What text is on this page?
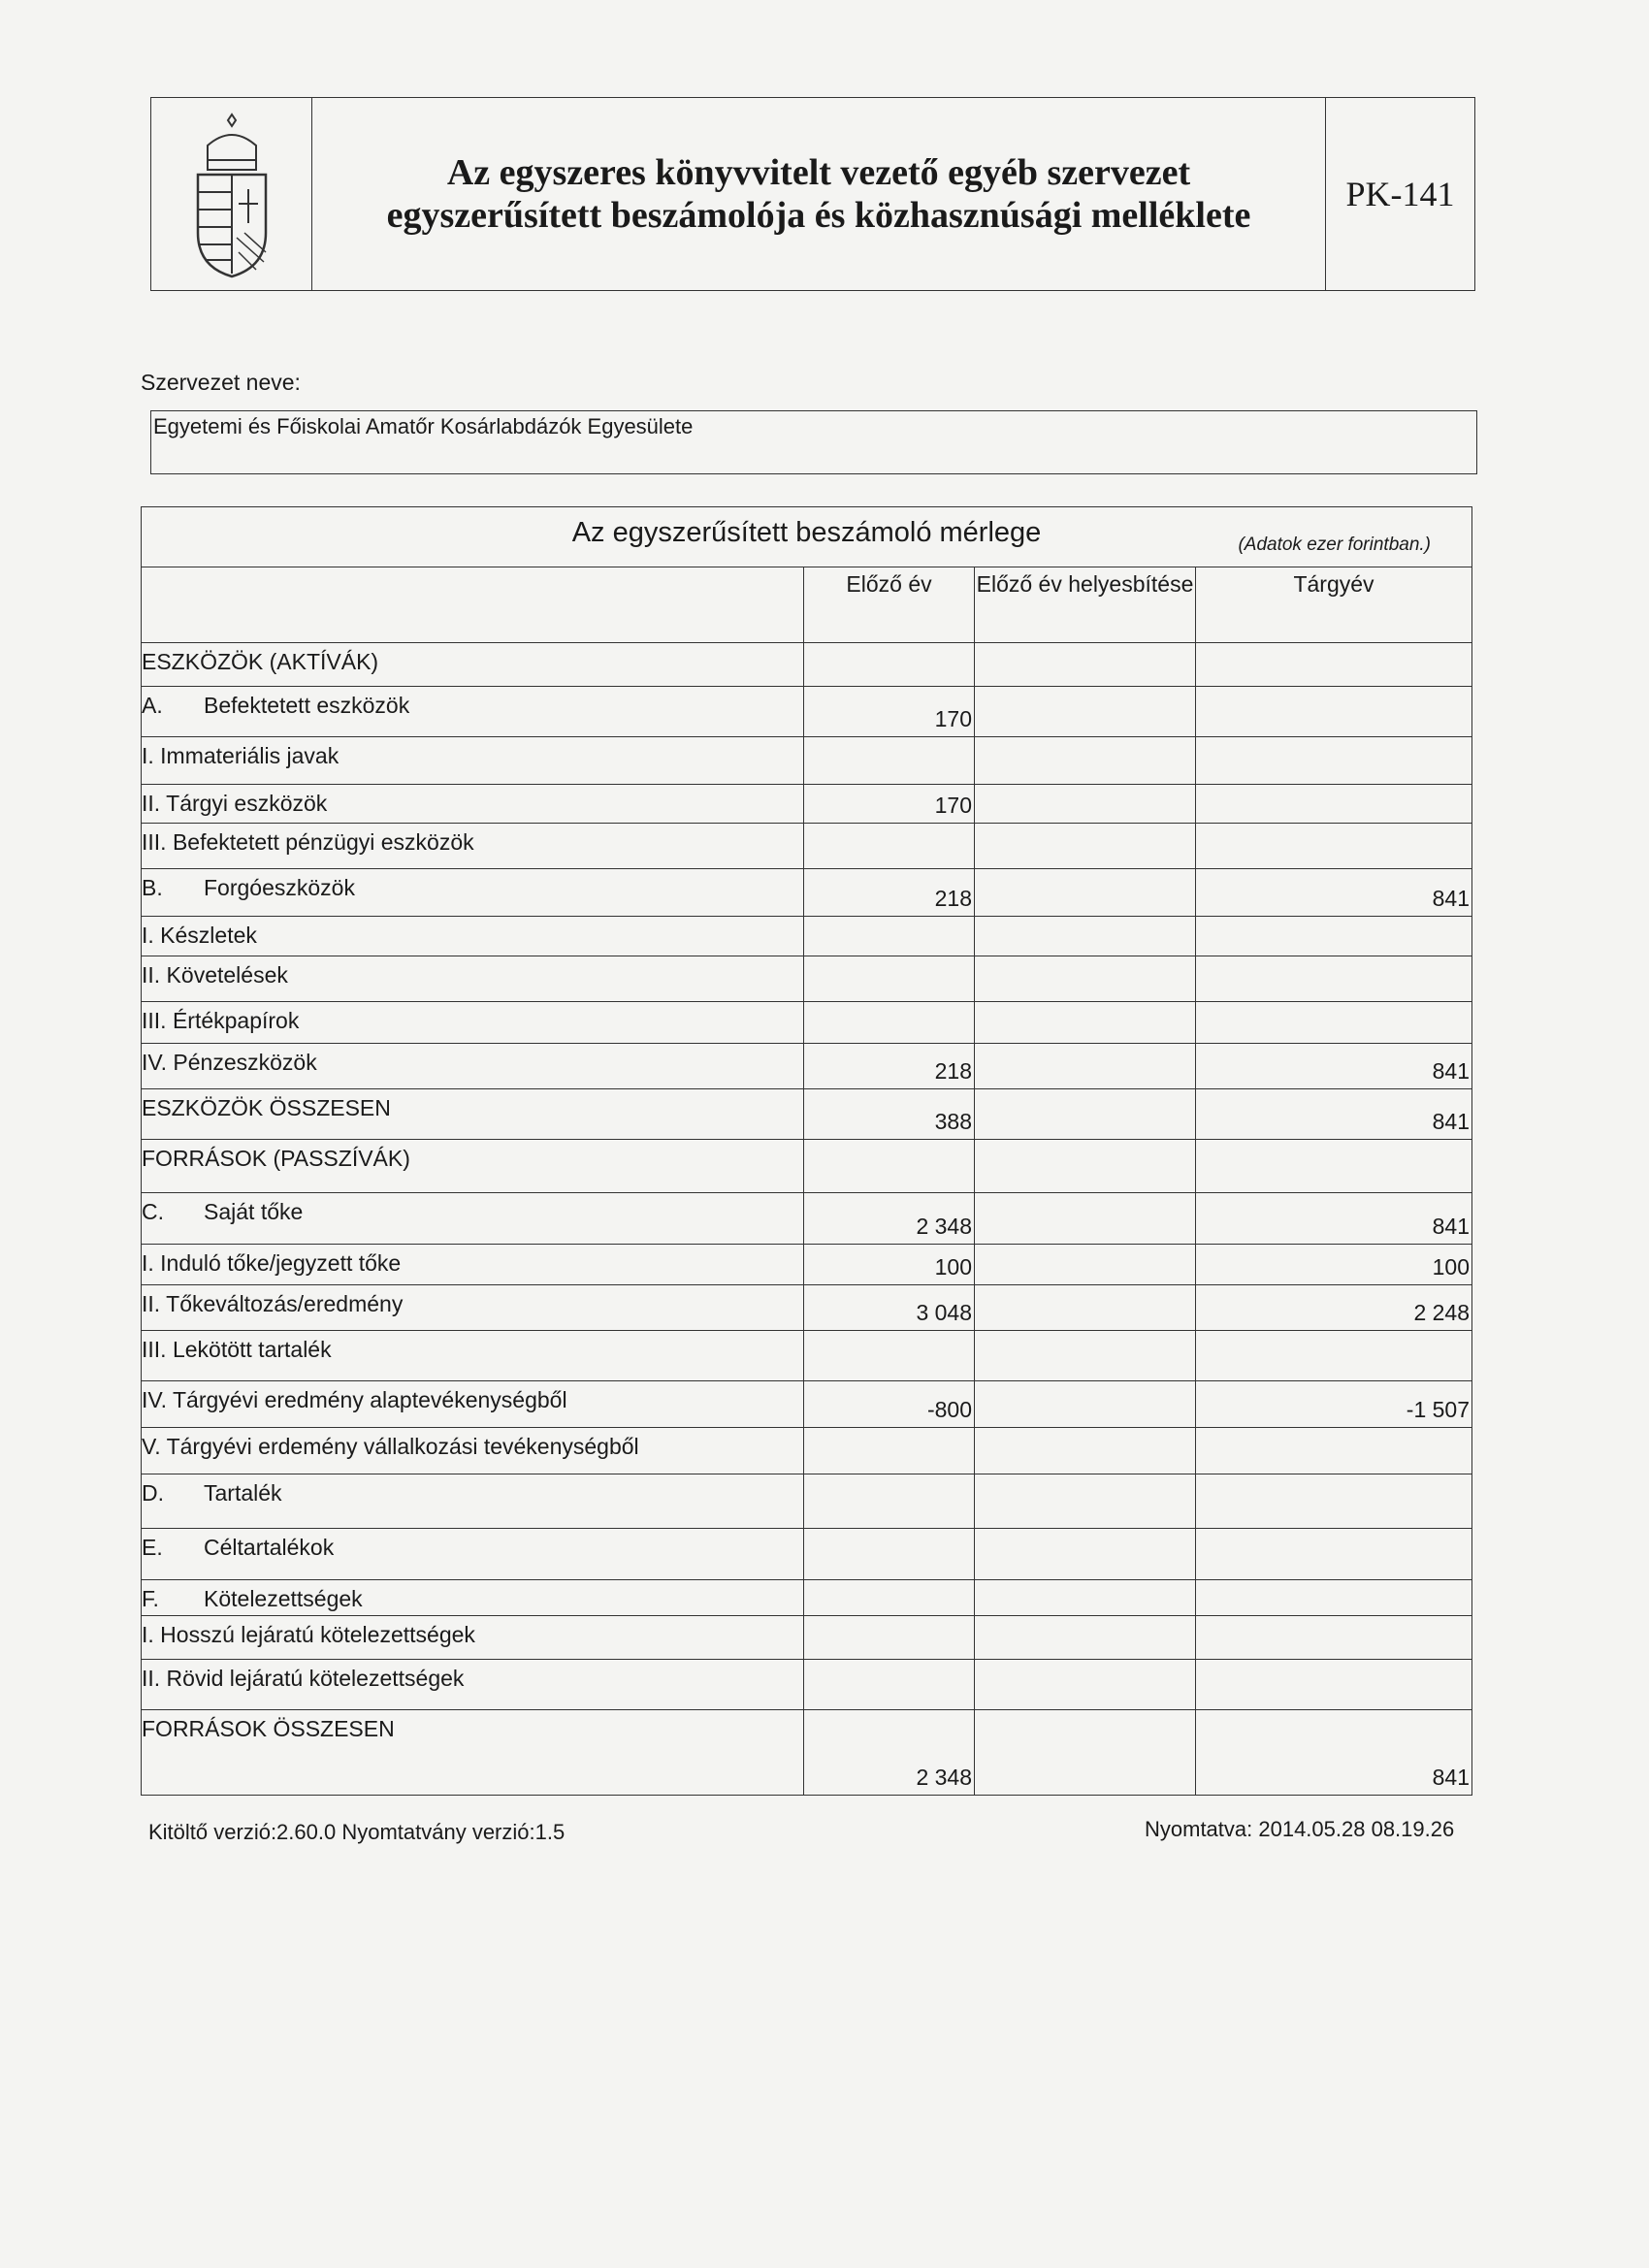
Az egyszeres könyvvitelt vezető egyéb szervezet
egyszerűsített beszámolója és közhasznúsági melléklete
PK-141
Szervezet neve:
Egyetemi és Főiskolai Amatőr Kosárlabdázók Egyesülete
Az egyszerűsített beszámoló mérlege (Adatok ezer forintban.)			

	Előző év	Előző év helyesbítése	Tárgyév
ESZKÖZÖK (AKTÍVÁK)			
A. Befektetett eszközök	170		
I. Immateriális javak			
II. Tárgyi eszközök	170		
III. Befektetett pénzügyi eszközök			
B. Forgóeszközök	218		841
I. Készletek			
II. Követelések			
III. Értékpapírok			
IV. Pénzeszközök	218		841
ESZKÖZÖK ÖSSZESEN	388		841
FORRÁSOK (PASSZÍVÁK)			
C. Saját tőke	2 348		841
I. Induló tőke/jegyzett tőke	100		100
II. Tőkeváltozás/eredmény	3 048		2 248
III. Lekötött tartalék			
IV. Tárgyévi eredmény alaptevékenységből	-800		-1 507
V. Tárgyévi erdemény vállalkozási tevékenységből			
D. Tartalék			
E. Céltartalékok			
F. Kötelezettségek			
I. Hosszú lejáratú kötelezettségek			
II. Rövid lejáratú kötelezettségek			
FORRÁSOK ÖSSZESEN	2 348		841
Kitöltő verzió:2.60.0 Nyomtatvány verzió:1.5	Nyomtatva: 2014.05.28 08.19.26
